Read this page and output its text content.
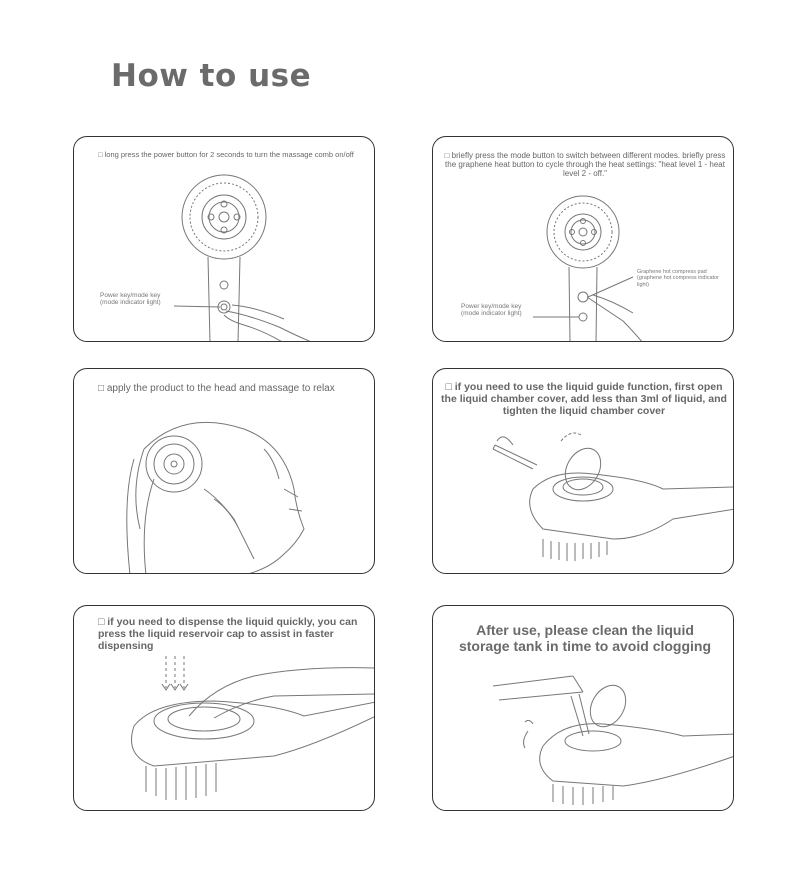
How to use
□ long press the power button for 2 seconds to turn the massage comb on/off
Power key/mode key (mode indicator light)
□ briefly press the mode button to switch between different modes. briefly press the graphene heat button to cycle through the heat settings: "heat level 1 - heat level 2 - off."
Graphene hot compress pad (graphene hot compress indicator light)
Power key/mode key (mode indicator light)
□ apply the product to the head and massage to relax	□ if you need to use the liquid guide function, first open the liquid chamber cover, add less than 3ml of liquid, and tighten the liquid chamber cover
□ if you need to dispense the liquid quickly, you can press the liquid reservoir cap to assist in faster dispensing
After use, please clean the liquid storage tank in time to avoid clogging
